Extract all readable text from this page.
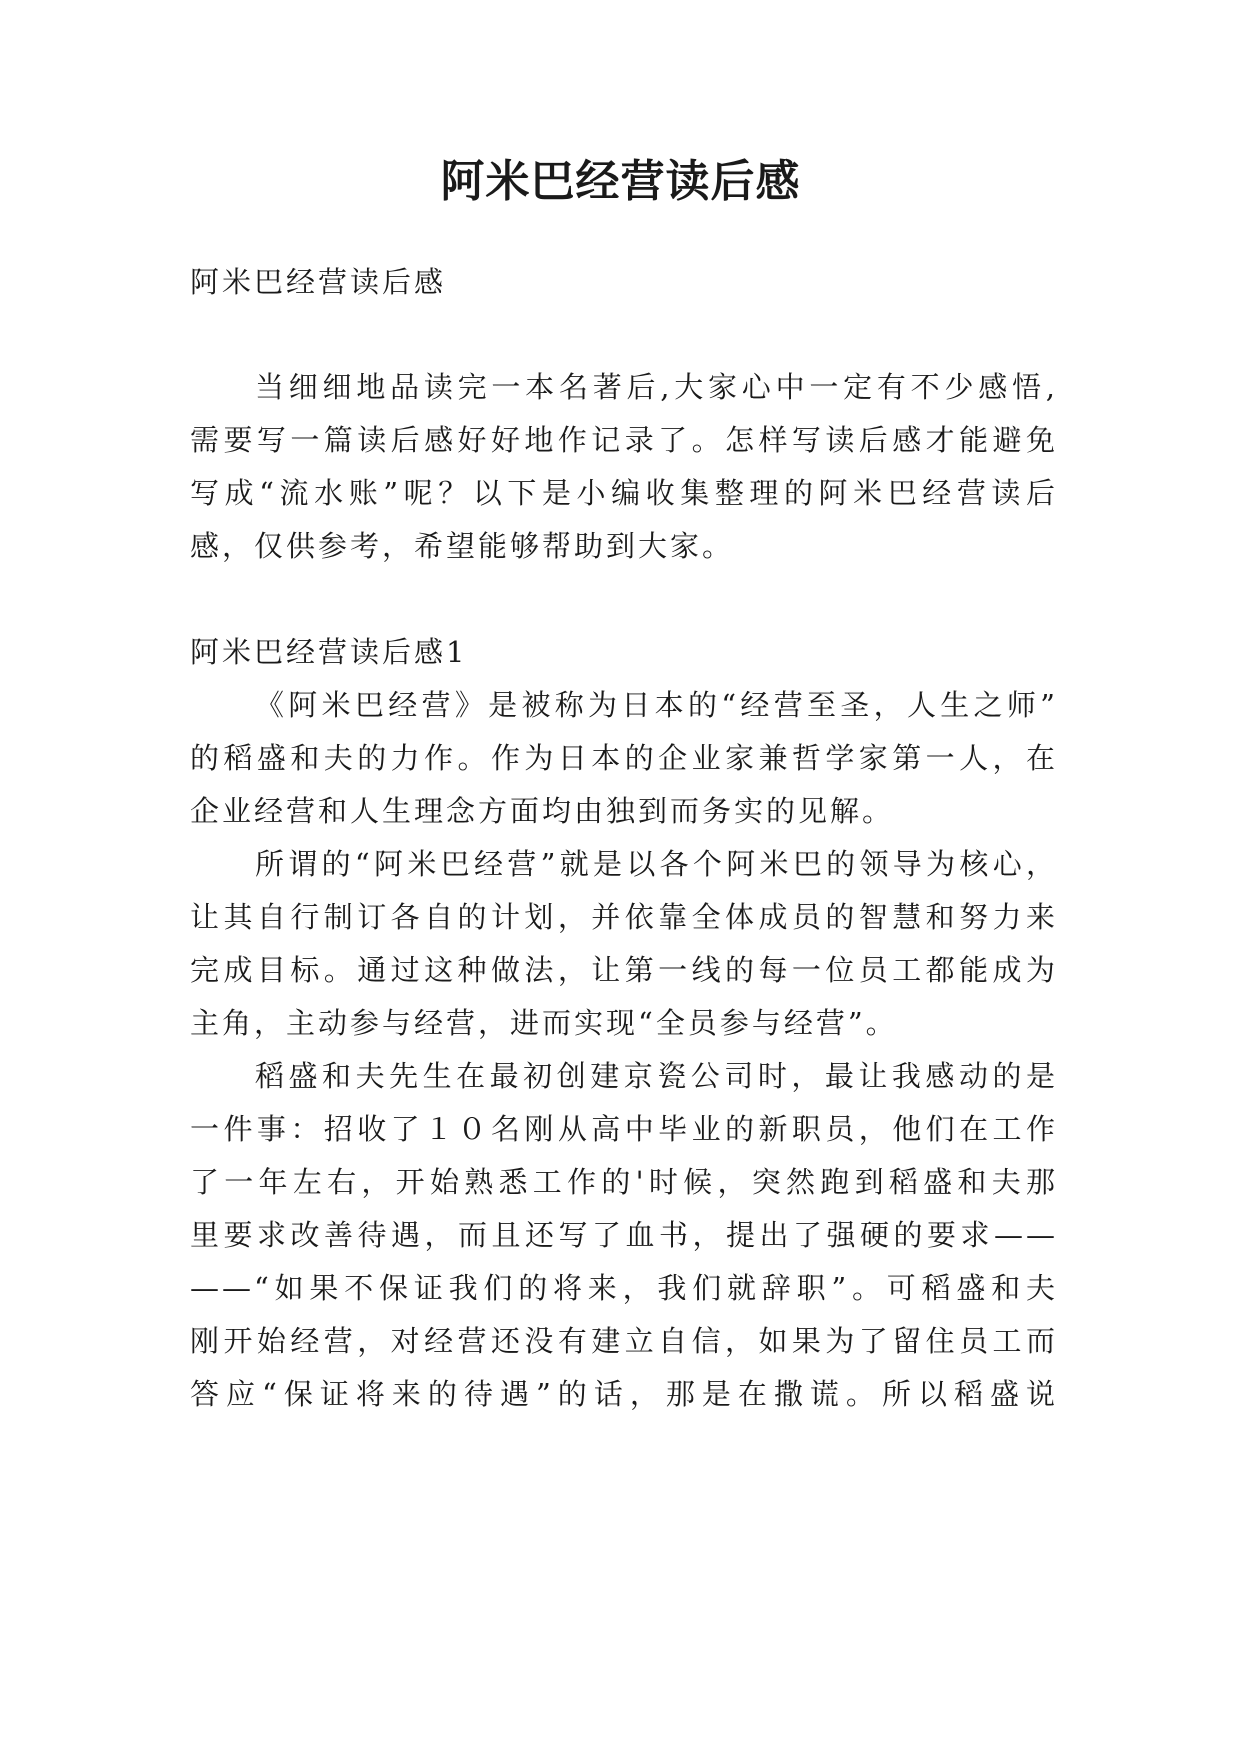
阿米巴经营读后感

阿米巴经营读后感

当细细地品读完一本名著后,大家心中一定有不少感悟,

需要写一篇读后感好好地作记录了。怎样写读后感才能避免

写成“流水账”呢？以下是小编收集整理的阿米巴经营读后

感，仅供参考，希望能够帮助到大家。

阿米巴经营读后感1

《阿米巴经营》是被称为日本的“经营至圣，人生之师”

的稻盛和夫的力作。作为日本的企业家兼哲学家第一人，在

企业经营和人生理念方面均由独到而务实的见解。

所谓的“阿米巴经营”就是以各个阿米巴的领导为核心，

让其自行制订各自的计划，并依靠全体成员的智慧和努力来

完成目标。通过这种做法，让第一线的每一位员工都能成为

主角，主动参与经营，进而实现“全员参与经营”。

稻盛和夫先生在最初创建京瓷公司时，最让我感动的是

一件事：招收了１０名刚从高中毕业的新职员，他们在工作

了一年左右，开始熟悉工作的'时候，突然跑到稻盛和夫那

里要求改善待遇，而且还写了血书，提出了强硬的要求——

——“如果不保证我们的将来，我们就辞职”。可稻盛和夫

刚开始经营，对经营还没有建立自信，如果为了留住员工而

答应“保证将来的待遇”的话，那是在撒谎。所以稻盛说
